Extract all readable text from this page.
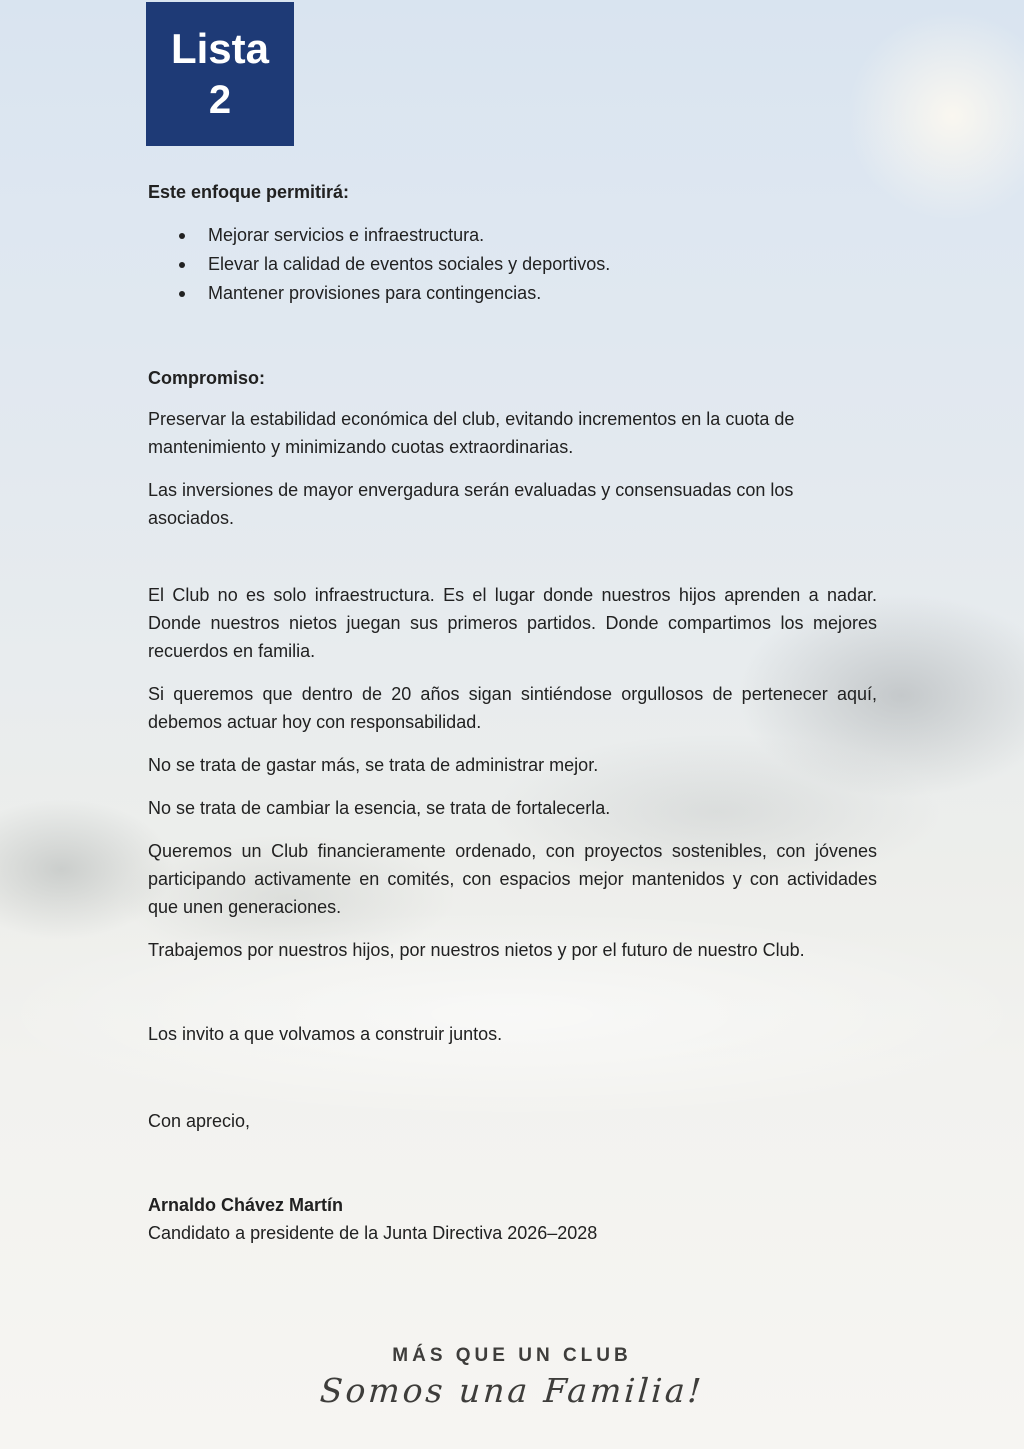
Lista
2
Este enfoque permitirá:
Mejorar servicios e infraestructura.
Elevar la calidad de eventos sociales y deportivos.
Mantener provisiones para contingencias.
Compromiso:

Preservar la estabilidad económica del club, evitando incrementos en la cuota de mantenimiento y minimizando cuotas extraordinarias.

Las inversiones de mayor envergadura serán evaluadas y consensuadas con los asociados.

El Club no es solo infraestructura. Es el lugar donde nuestros hijos aprenden a nadar. Donde nuestros nietos juegan sus primeros partidos. Donde compartimos los mejores recuerdos en familia.

Si queremos que dentro de 20 años sigan sintiéndose orgullosos de pertenecer aquí, debemos actuar hoy con responsabilidad.

No se trata de gastar más, se trata de administrar mejor.

No se trata de cambiar la esencia, se trata de fortalecerla.

Queremos un Club financieramente ordenado, con proyectos sostenibles, con jóvenes participando activamente en comités, con espacios mejor mantenidos y con actividades que unen generaciones.

Trabajemos por nuestros hijos, por nuestros nietos y por el futuro de nuestro Club.

Los invito a que volvamos a construir juntos.

Con aprecio,

Arnaldo Chávez Martín
Candidato a presidente de la Junta Directiva 2026–2028
MÁS QUE UN CLUB
Somos una Familia!
